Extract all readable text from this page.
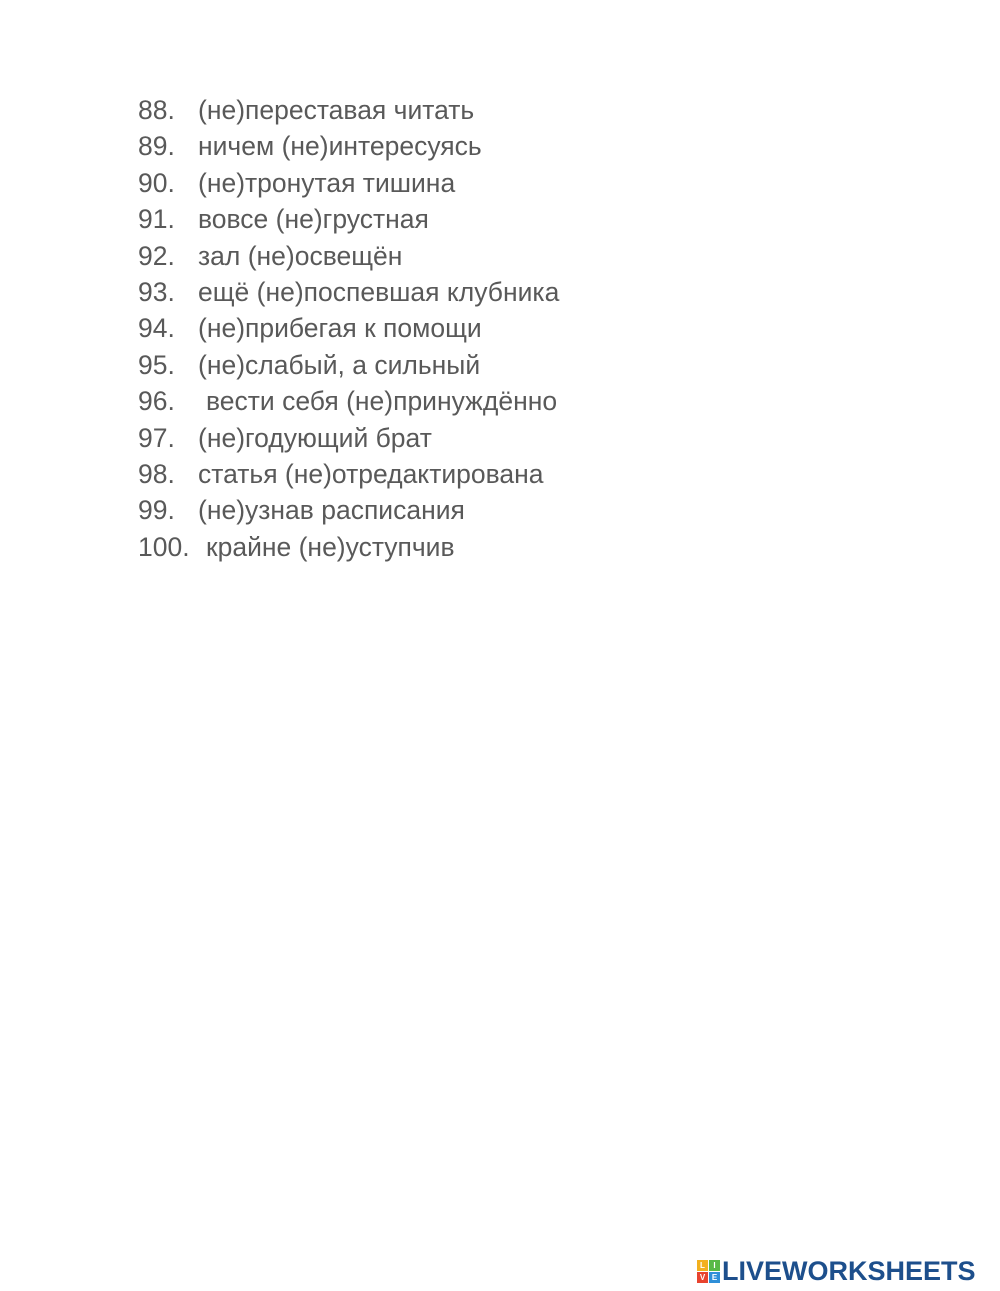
88. (не)переставая читать
89. ничем (не)интересуясь
90. (не)тронутая тишина
91. вовсе (не)грустная
92. зал (не)освещён
93. ещё (не)поспевшая клубника
94. (не)прибегая к помощи
95. (не)слабый, а сильный
96. вести себя (не)принуждённо
97. (не)годующий брат
98. статья (не)отредактирована
99. (не)узнав расписания
100. крайне (не)уступчив
L	I
V E LIVEWORKSHEETS
